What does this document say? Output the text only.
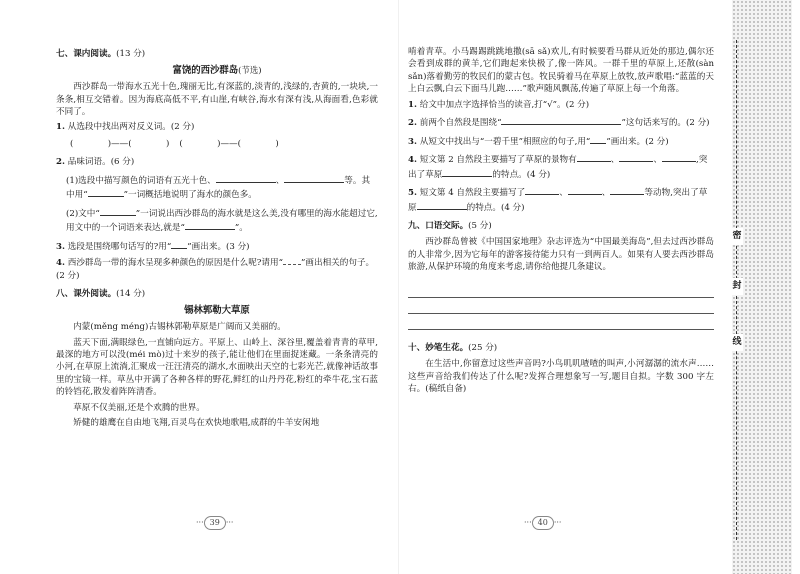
七、课内阅读。(13 分)
富饶的西沙群岛(节选)

西沙群岛一带海水五光十色,瑰丽无比,有深蓝的,淡青的,浅绿的,杏黄的,一块块,一条条,相互交错着。因为海底高低不平,有山崖,有峡谷,海水有深有浅,从海面看,色彩就不同了。

1. 从选段中找出两对反义词。(2 分)
(　　　　)——(　　　　) (　　　　)——(　　　　)
2. 品味词语。(6 分)
(1)选段中描写颜色的词语有五光十色、	、	等。其中用“	”一词概括地说明了海水的颜色多。
(2)文中“	”一词说出西沙群岛的海水就是这么美,没有哪里的海水能超过它,用文中的一个词语来表达,就是“	”。
3. 选段是围绕哪句话写的?用“ ”画出来。(3 分)
4. 西沙群岛一带的海水呈现多种颜色的原因是什么呢?请用“ ”画出相关的句子。(2 分)
八、课外阅读。(14 分)
锡林郭勒大草原

内蒙(měng méng)古锡林郭勒草原是广阔而又美丽的。

蓝天下面,满眼绿色,一直铺向远方。平原上、山岭上、深谷里,覆盖着青青的草甲,最深的地方可以没(méi mò)过十来岁的孩子,能让他们在里面捉迷藏。一条条清亮的小河,在草原上流淌,汇聚成一汪汪清亮的湖水,水面映出天空的七彩光芒,就像神话故事里的宝镜一样。草丛中开满了各种各样的野花,鲜红的山丹丹花,粉红的牵牛花,宝石蓝的铃铛花,散发着阵阵清香。

草原不仅美丽,还是个欢腾的世界。

矫健的雄鹰在自由地飞翔,百灵鸟在欢快地歌唱,成群的牛羊安闲地

··· 39 ···

啃着青草。小马踢踢跳跳地撒(sā sǎ)欢儿,有时候要看马群从近处的那边,偶尔还会看到成群的黄羊,它们跑起来快极了,像一阵风。一群千里的草原上,还散(sàn sǎn)落着勤劳的牧民们的蒙古包。牧民骑着马在草原上放牧,放声歌唱:“蓝蓝的天上白云飘,白云下面马儿跑……”歌声随风飘荡,传遍了草原上每一个角落。

1. 给文中加点字选择恰当的读音,打“√”。(2 分)
2. 前两个自然段是围绕“	”这句话来写的。(2 分)
3. 从短文中找出与“一碧千里”相照应的句子,用“ ”画出来。(2 分)
4. 短文第 2 自然段主要描写了草原的景物有	、	、	,突出了草原	的特点。(4 分)
5. 短文第 4 自然段主要描写了	、	、	等动物,突出了草原	的特点。(4 分)
九、口语交际。(5 分)

西沙群岛曾被《中国国家地理》杂志评选为“中国最美海岛”,但去过西沙群岛的人非常少,因为它每年的游客接待能力只有一到两百人。如果有人要去西沙群岛旅游,从保护环境的角度来考虑,请你给他提几条建议。

十、妙笔生花。(25 分)

在生活中,你留意过这些声音吗?小鸟叽叽喳喳的叫声,小河潺潺的流水声……这些声音给我们传达了什么呢?发挥合理想象写一写,题目自拟。字数 300 字左右。(稿纸自备)

··· 40 ···
密
封
线
